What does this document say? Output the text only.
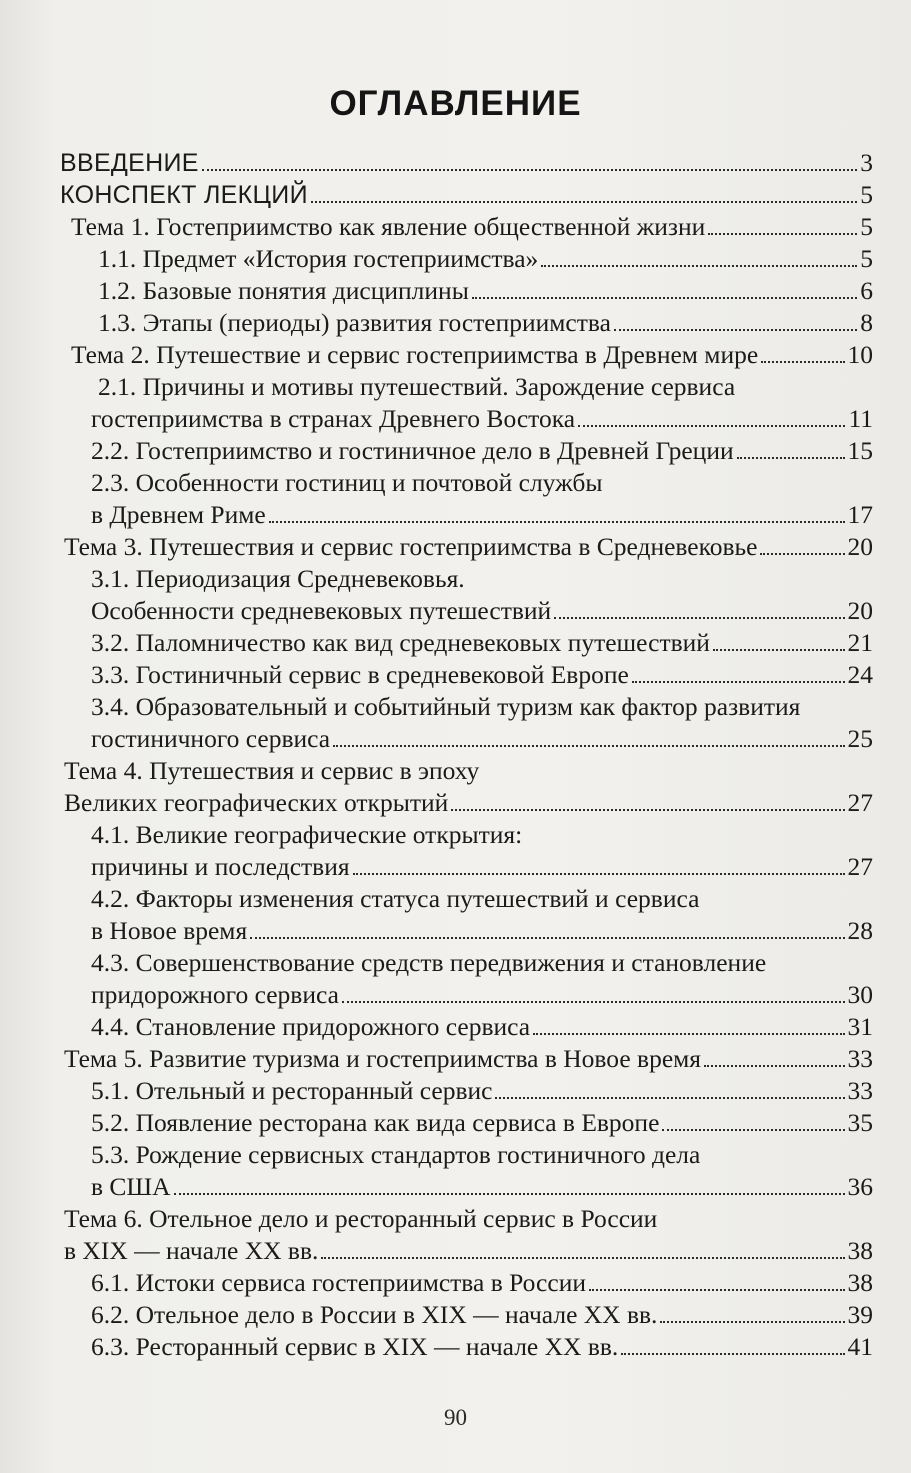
ОГЛАВЛЕНИЕ
ВВЕДЕНИЕ	3
КОНСПЕКТ ЛЕКЦИЙ	5
Тема 1. Гостеприимство как явление общественной жизни	5
1.1. Предмет «История гостеприимства»	5
1.2. Базовые понятия дисциплины	6
1.3. Этапы (периоды) развития гостеприимства	8
Тема 2. Путешествие и сервис гостеприимства в Древнем мире	10
2.1. Причины и мотивы путешествий. Зарождение сервиса
гостеприимства в странах Древнего Востока	11
2.2. Гостеприимство и гостиничное дело в Древней Греции	15
2.3. Особенности гостиниц и почтовой службы
в Древнем Риме	17
Тема 3. Путешествия и сервис гостеприимства в Средневековье	20
3.1. Периодизация Средневековья.
Особенности средневековых путешествий	20
3.2. Паломничество как вид средневековых путешествий	21
3.3. Гостиничный сервис в средневековой Европе	24
3.4. Образовательный и событийный туризм как фактор развития
гостиничного сервиса	25
Тема 4. Путешествия и сервис в эпоху
Великих географических открытий	27
4.1. Великие географические открытия:
причины и последствия	27
4.2. Факторы изменения статуса путешествий и сервиса
в Новое время	28
4.3. Совершенствование средств передвижения и становление
придорожного сервиса	30
4.4. Становление придорожного сервиса	31
Тема 5. Развитие туризма и гостеприимства в Новое время	33
5.1. Отельный и ресторанный сервис	33
5.2. Появление ресторана как вида сервиса в Европе	35
5.3. Рождение сервисных стандартов гостиничного дела
в США	36
Тема 6. Отельное дело и ресторанный сервис в России
в XIX — начале XX вв.	38
6.1. Истоки сервиса гостеприимства в России	38
6.2. Отельное дело в России в XIX — начале XX вв.	39
6.3. Ресторанный сервис в XIX — начале XX вв.	41
90
